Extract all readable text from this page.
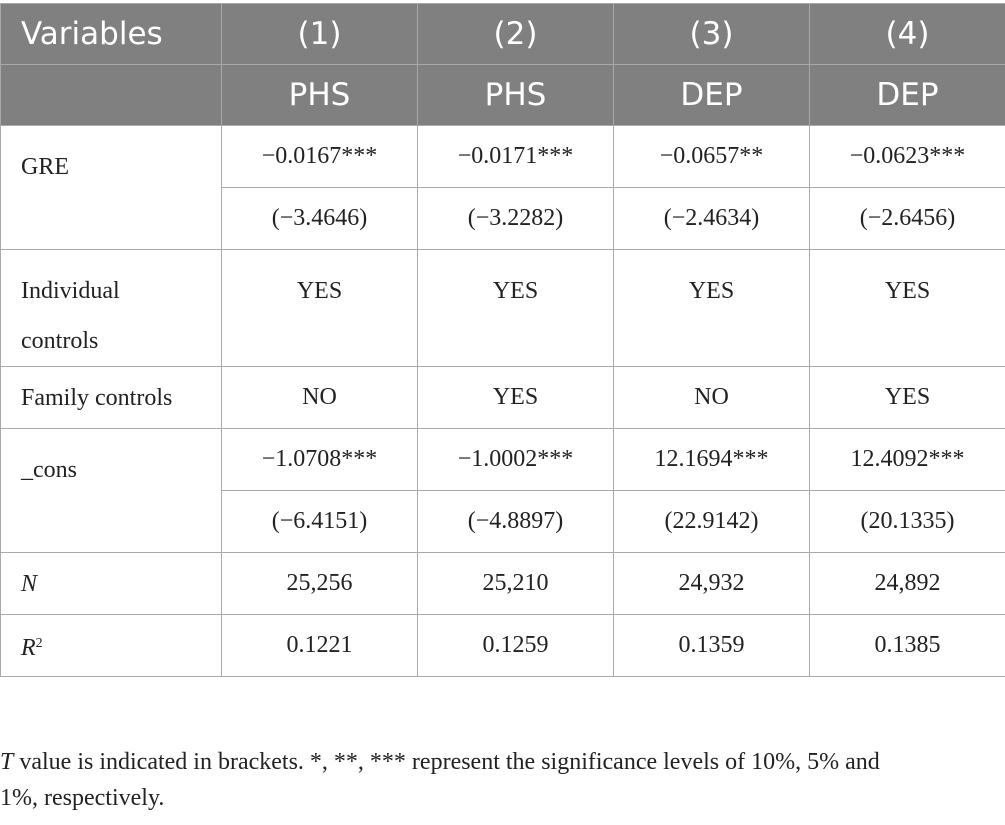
Variables	(1)	(2)	(3)	(4)
	PHS	PHS	DEP	DEP
GRE	−0.0167***	−0.0171***	−0.0657**	−0.0623***
	(−3.4646)	(−3.2282)	(−2.4634)	(−2.6456)
Individual
controls	YES	YES	YES	YES
Family controls	NO	YES	NO	YES
_cons	−1.0708***	−1.0002***	12.1694***	12.4092***
	(−6.4151)	(−4.8897)	(22.9142)	(20.1335)
N	25,256	25,210	24,932	24,892
$R^2$	0.1221	0.1259	0.1359	0.1385
T value is indicated in brackets. *, **, *** represent the significance levels of 10%, 5% and
1%, respectively.
